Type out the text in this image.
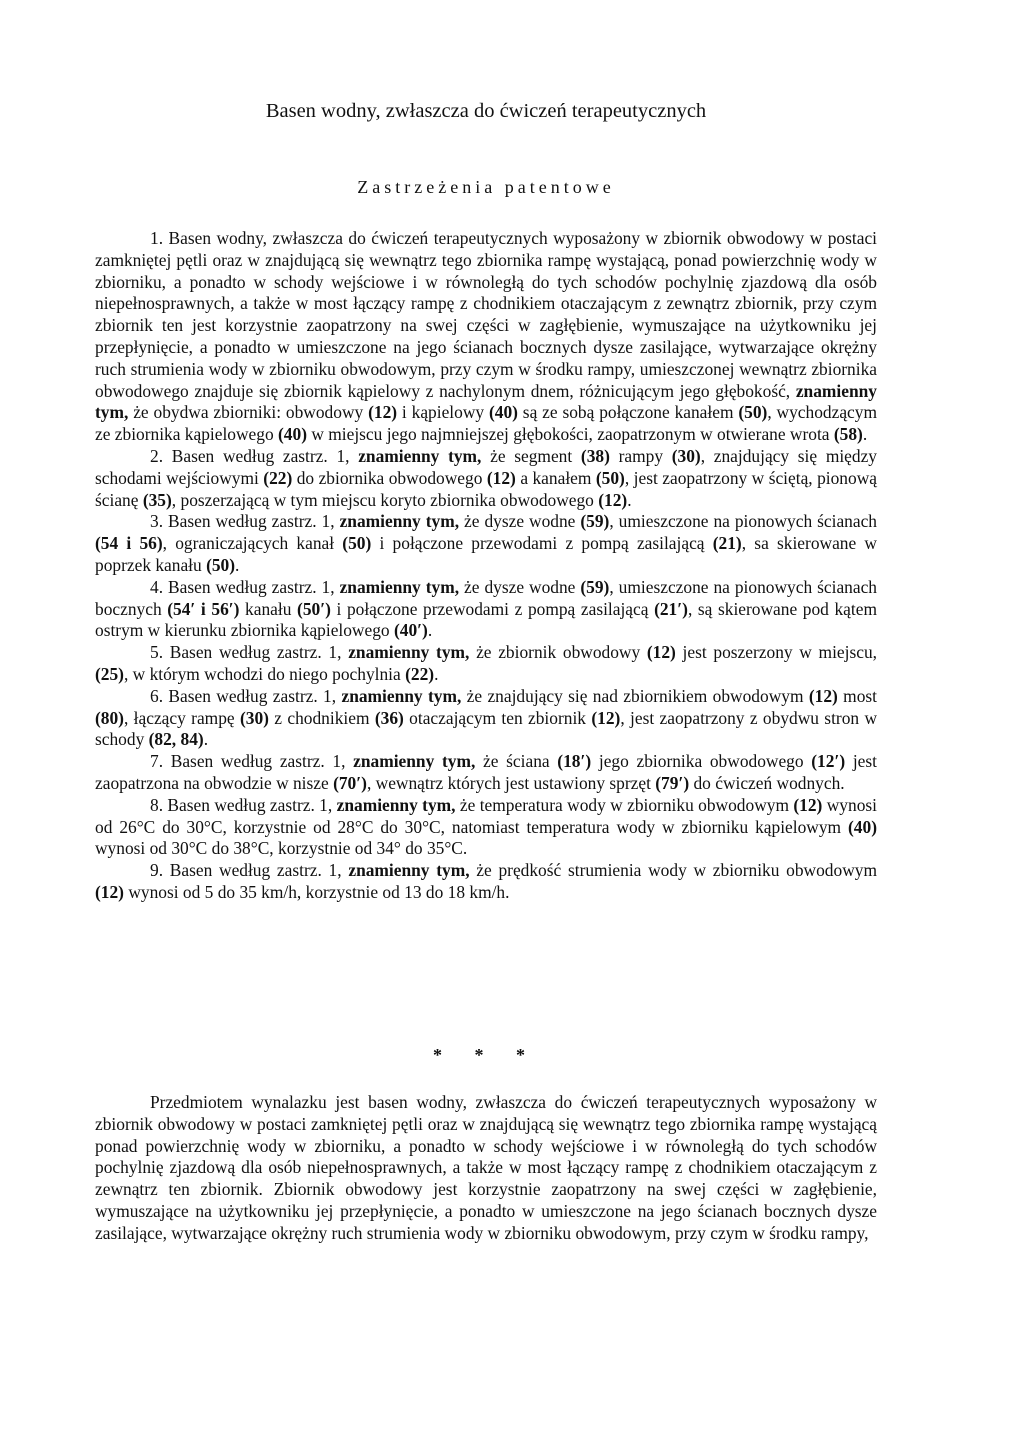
Basen wodny, zwłaszcza do ćwiczeń terapeutycznych
Zastrzeżenia patentowe

1. Basen wodny, zwłaszcza do ćwiczeń terapeutycznych wyposażony w zbiornik obwodowy w postaci zamkniętej pętli oraz w znajdującą się wewnątrz tego zbiornika rampę wystającą, ponad powierzchnię wody w zbiorniku, a ponadto w schody wejściowe i w równoległą do tych schodów pochylnię zjazdową dla osób niepełnosprawnych, a także w most łączący rampę z chodnikiem otaczającym z zewnątrz zbiornik, przy czym zbiornik ten jest korzystnie zaopatrzony na swej części w zagłębienie, wymuszające na użytkowniku jej przepłynięcie, a ponadto w umieszczone na jego ścianach bocznych dysze zasilające, wytwarzające okrężny ruch strumienia wody w zbiorniku obwodowym, przy czym w środku rampy, umieszczonej wewnątrz zbiornika obwodowego znajduje się zbiornik kąpielowy z nachylonym dnem, różnicującym jego głębokość, znamienny tym, że obydwa zbiorniki: obwodowy (12) i kąpielowy (40) są ze sobą połączone kanałem (50), wychodzącym ze zbiornika kąpielowego (40) w miejscu jego najmniejszej głębokości, zaopatrzonym w otwierane wrota (58).

2. Basen według zastrz. 1, znamienny tym, że segment (38) rampy (30), znajdujący się między schodami wejściowymi (22) do zbiornika obwodowego (12) a kanałem (50), jest zaopatrzony w ściętą, pionową ścianę (35), poszerzającą w tym miejscu koryto zbiornika obwodowego (12).

3. Basen według zastrz. 1, znamienny tym, że dysze wodne (59), umieszczone na pionowych ścianach (54 i 56), ograniczających kanał (50) i połączone przewodami z pompą zasilającą (21), sa skierowane w poprzek kanału (50).

4. Basen według zastrz. 1, znamienny tym, że dysze wodne (59), umieszczone na pionowych ścianach bocznych (54′ i 56′) kanału (50′) i połączone przewodami z pompą zasilającą (21′), są skierowane pod kątem ostrym w kierunku zbiornika kąpielowego (40′).

5. Basen według zastrz. 1, znamienny tym, że zbiornik obwodowy (12) jest poszerzony w miejscu, (25), w którym wchodzi do niego pochylnia (22).

6. Basen według zastrz. 1, znamienny tym, że znajdujący się nad zbiornikiem obwodowym (12) most (80), łączący rampę (30) z chodnikiem (36) otaczającym ten zbiornik (12), jest zaopatrzony z obydwu stron w schody (82, 84).

7. Basen według zastrz. 1, znamienny tym, że ściana (18′) jego zbiornika obwodowego (12′) jest zaopatrzona na obwodzie w nisze (70′), wewnątrz których jest ustawiony sprzęt (79′) do ćwiczeń wodnych.

8. Basen według zastrz. 1, znamienny tym, że temperatura wody w zbiorniku obwodowym (12) wynosi od 26°C do 30°C, korzystnie od 28°C do 30°C, natomiast temperatura wody w zbiorniku kąpielowym (40) wynosi od 30°C do 38°C, korzystnie od 34° do 35°C.

9. Basen według zastrz. 1, znamienny tym, że prędkość strumienia wody w zbiorniku obwodowym (12) wynosi od 5 do 35 km/h, korzystnie od 13 do 18 km/h.

* * *

Przedmiotem wynalazku jest basen wodny, zwłaszcza do ćwiczeń terapeutycznych wyposażony w zbiornik obwodowy w postaci zamkniętej pętli oraz w znajdującą się wewnątrz tego zbiornika rampę wystającą ponad powierzchnię wody w zbiorniku, a ponadto w schody wejściowe i w równoległą do tych schodów pochylnię zjazdową dla osób niepełnosprawnych, a także w most łączący rampę z chodnikiem otaczającym z zewnątrz ten zbiornik. Zbiornik obwodowy jest korzystnie zaopatrzony na swej części w zagłębienie, wymuszające na użytkowniku jej przepłynięcie, a ponadto w umieszczone na jego ścianach bocznych dysze zasilające, wytwarzające okrężny ruch strumienia wody w zbiorniku obwodowym, przy czym w środku rampy,
